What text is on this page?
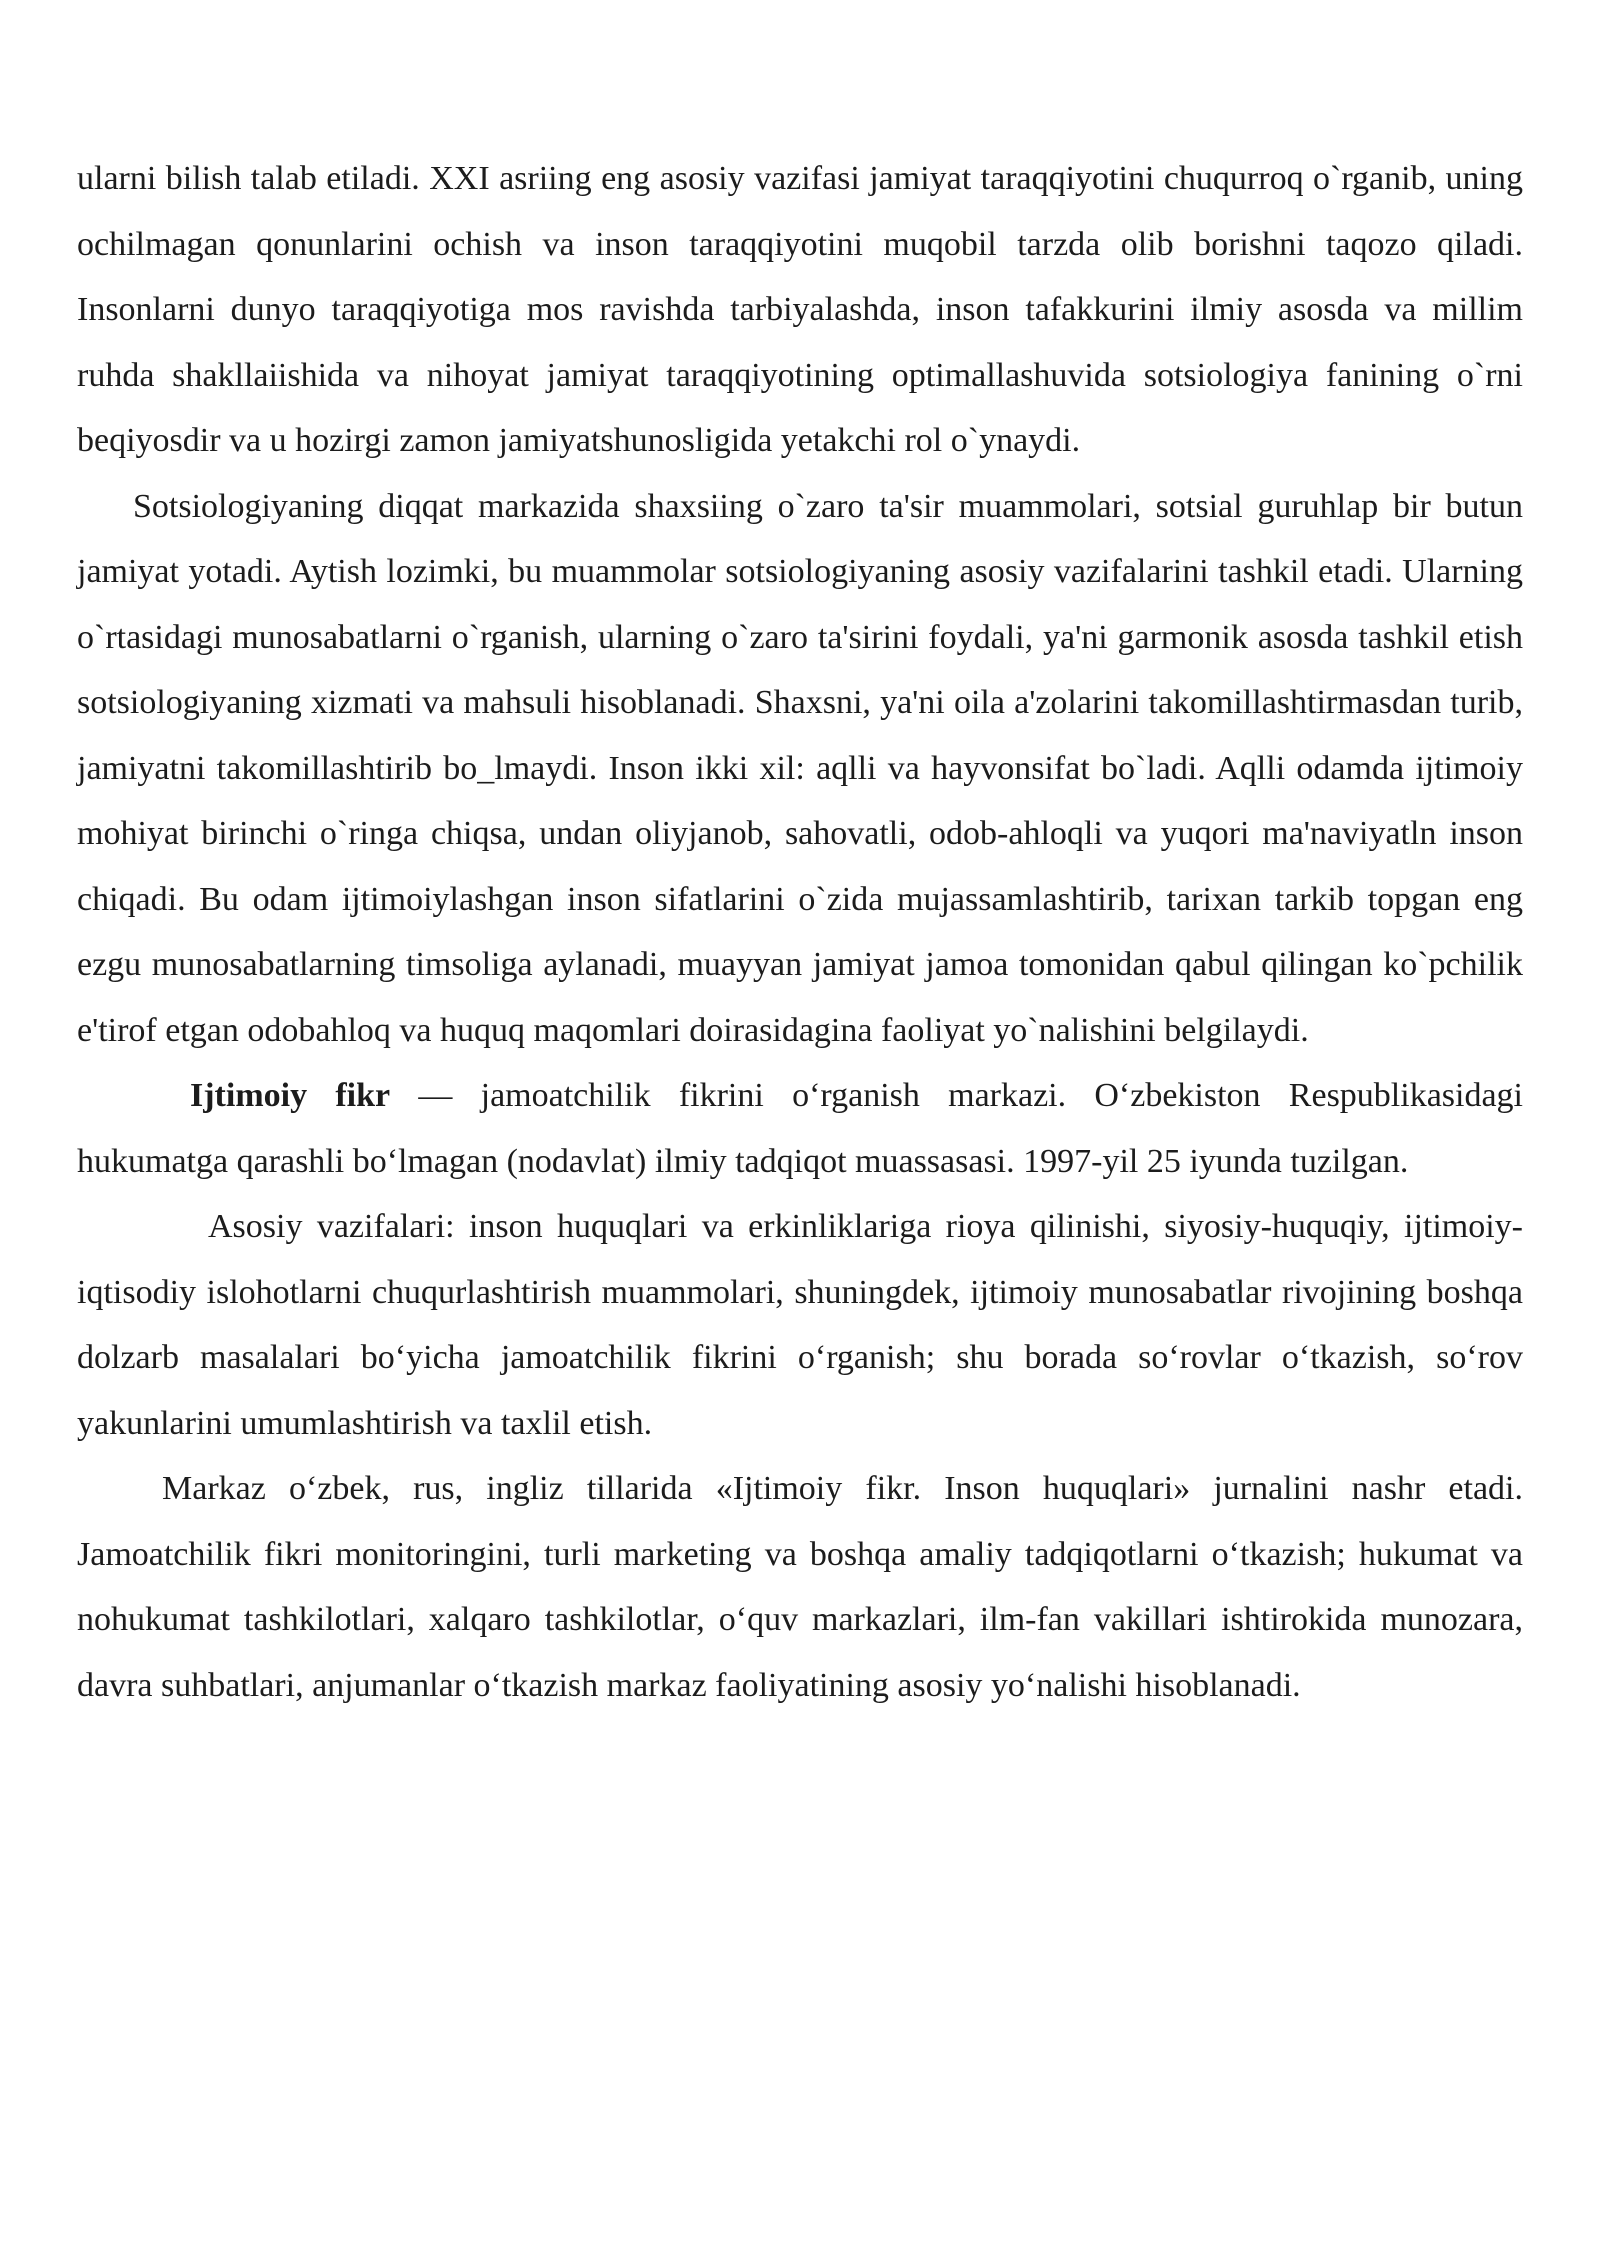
ularni bilish talab etiladi. XXI asriing eng asosiy vazifasi jamiyat taraqqiyotini chuqurroq o`rganib, uning ochilmagan qonunlarini ochish va inson taraqqiyotini muqobil tarzda olib borishni taqozo qiladi. Insonlarni dunyo taraqqiyotiga mos ravishda tarbiyalashda, inson tafakkurini ilmiy asosda va millim ruhda shakllaiishida va nihoyat jamiyat taraqqiyotining optimallashuvida sotsiologiya fanining o`rni beqiyosdir va u hozirgi zamon jamiyatshunosligida yetakchi rol o`ynaydi.

Sotsiologiyaning diqqat markazida shaxsiing o`zaro ta'sir muammolari, sotsial guruhlap bir butun jamiyat yotadi. Aytish lozimki, bu muammolar sotsiologiyaning asosiy vazifalarini tashkil etadi. Ularning o`rtasidagi munosabatlarni o`rganish, ularning o`zaro ta'sirini foydali, ya'ni garmonik asosda tashkil etish sotsiologiyaning xizmati va mahsuli hisoblanadi. Shaxsni, ya'ni oila a'zolarini takomillashtirmasdan turib, jamiyatni takomillashtirib bo_lmaydi. Inson ikki xil: aqlli va hayvonsifat bo`ladi. Aqlli odamda ijtimoiy mohiyat birinchi o`ringa chiqsa, undan oliyjanob, sahovatli, odob-ahloqli va yuqori ma'naviyatln inson chiqadi. Bu odam ijtimoiylashgan inson sifatlarini o`zida mujassamlashtirib, tarixan tarkib topgan eng ezgu munosabatlarning timsoliga aylanadi, muayyan jamiyat jamoa tomonidan qabul qilingan ko`pchilik e'tirof etgan odobahloq va huquq maqomlari doirasidagina faoliyat yo`nalishini belgilaydi.

Ijtimoiy fikr — jamoatchilik fikrini oʻrganish markazi. Oʻzbekiston Respublikasidagi hukumatga qarashli boʻlmagan (nodavlat) ilmiy tadqiqot muassasasi. 1997-yil 25 iyunda tuzilgan.

Asosiy vazifalari: inson huquqlari va erkinliklariga rioya qilinishi, siyosiy-huquqiy, ijtimoiy-iqtisodiy islohotlarni chuqurlashtirish muammolari, shuningdek, ijtimoiy munosabatlar rivojining boshqa dolzarb masalalari boʻyicha jamoatchilik fikrini oʻrganish; shu borada soʻrovlar oʻtkazish, soʻrov yakunlarini umumlashtirish va taxlil etish.

Markaz oʻzbek, rus, ingliz tillarida «Ijtimoiy fikr. Inson huquqlari» jurnalini nashr etadi. Jamoatchilik fikri monitoringini, turli marketing va boshqa amaliy tadqiqotlarni oʻtkazish; hukumat va nohukumat tashkilotlari, xalqaro tashkilotlar, oʻquv markazlari, ilm-fan vakillari ishtirokida munozara, davra suhbatlari, anjumanlar oʻtkazish markaz faoliyatining asosiy yoʻnalishi hisoblanadi.
